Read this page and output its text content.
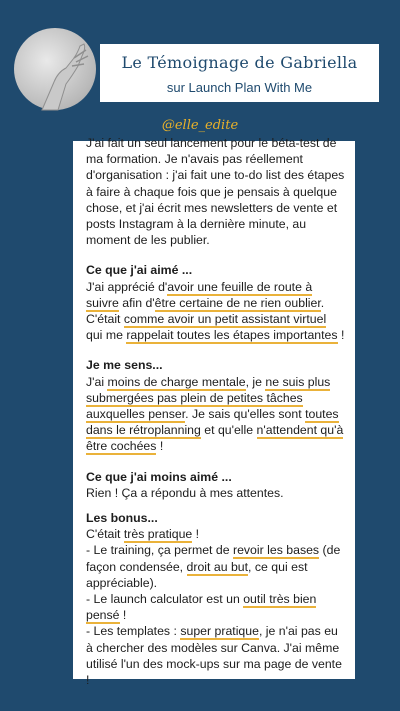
Le Témoignage de Gabriella
sur Launch Plan With Me
@elle_edite

J'ai fait un seul lancement pour le béta-test de ma formation. Je n'avais pas réellement d'organisation : j'ai fait une to-do list des étapes à faire à chaque fois que je pensais à quelque chose, et j'ai écrit mes newsletters de vente et posts Instagram à la dernière minute, au moment de les publier.

Ce que j'ai aimé ...

J'ai apprécié d'avoir une feuille de route à suivre afin d'être certaine de ne rien oublier. C'était comme avoir un petit assistant virtuel qui me rappelait toutes les étapes importantes !

Je me sens...

J'ai moins de charge mentale, je ne suis plus submergées pas plein de petites tâches auxquelles penser. Je sais qu'elles sont toutes dans le rétroplanning et qu'elle n'attendent qu'à être cochées !

Ce que j'ai moins aimé ...

Rien ! Ça a répondu à mes attentes.

Les bonus...

C'était très pratique !

- Le training, ça permet de revoir les bases (de façon condensée, droit au but, ce qui est appréciable).

- Le launch calculator est un outil très bien pensé !

- Les templates : super pratique, je n'ai pas eu à chercher des modèles sur Canva. J'ai même utilisé l'un des mock-ups sur ma page de vente !
